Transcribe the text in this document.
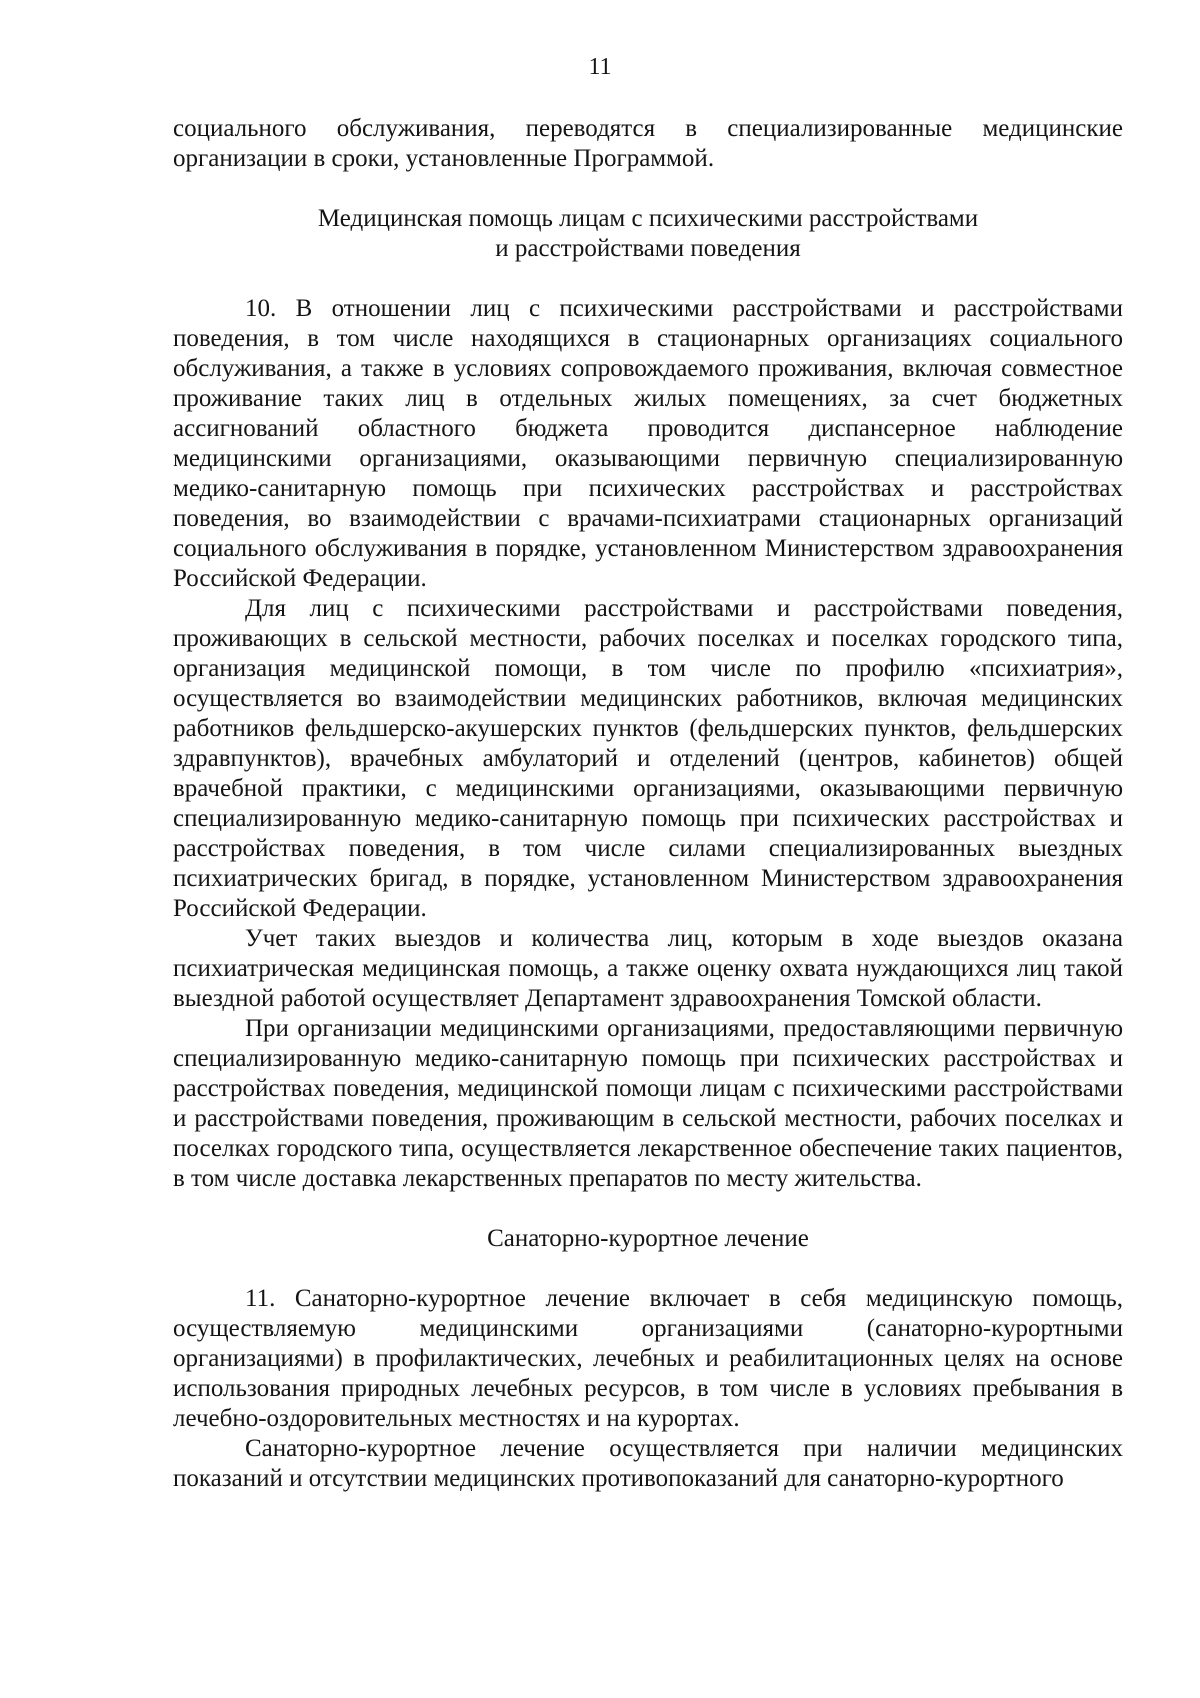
11

социального обслуживания, переводятся в специализированные медицинские организации в сроки, установленные Программой.

Медицинская помощь лицам с психическими расстройствами
и расстройствами поведения

10. В отношении лиц с психическими расстройствами и расстройствами поведения, в том числе находящихся в стационарных организациях социального обслуживания, а также в условиях сопровождаемого проживания, включая совместное проживание таких лиц в отдельных жилых помещениях, за счет бюджетных ассигнований областного бюджета проводится диспансерное наблюдение медицинскими организациями, оказывающими первичную специализированную медико-санитарную помощь при психических расстройствах и расстройствах поведения, во взаимодействии с врачами-психиатрами стационарных организаций социального обслуживания в порядке, установленном Министерством здравоохранения Российской Федерации.

Для лиц с психическими расстройствами и расстройствами поведения, проживающих в сельской местности, рабочих поселках и поселках городского типа, организация медицинской помощи, в том числе по профилю «психиатрия», осуществляется во взаимодействии медицинских работников, включая медицинских работников фельдшерско-акушерских пунктов (фельдшерских пунктов, фельдшерских здравпунктов), врачебных амбулаторий и отделений (центров, кабинетов) общей врачебной практики, с медицинскими организациями, оказывающими первичную специализированную медико-санитарную помощь при психических расстройствах и расстройствах поведения, в том числе силами специализированных выездных психиатрических бригад, в порядке, установленном Министерством здравоохранения Российской Федерации.

Учет таких выездов и количества лиц, которым в ходе выездов оказана психиатрическая медицинская помощь, а также оценку охвата нуждающихся лиц такой выездной работой осуществляет Департамент здравоохранения Томской области.

При организации медицинскими организациями, предоставляющими первичную специализированную медико-санитарную помощь при психических расстройствах и расстройствах поведения, медицинской помощи лицам с психическими расстройствами и расстройствами поведения, проживающим в сельской местности, рабочих поселках и поселках городского типа, осуществляется лекарственное обеспечение таких пациентов, в том числе доставка лекарственных препаратов по месту жительства.

Санаторно-курортное лечение

11. Санаторно-курортное лечение включает в себя медицинскую помощь, осуществляемую медицинскими организациями (санаторно-курортными организациями) в профилактических, лечебных и реабилитационных целях на основе использования природных лечебных ресурсов, в том числе в условиях пребывания в лечебно-оздоровительных местностях и на курортах.

Санаторно-курортное лечение осуществляется при наличии медицинских показаний и отсутствии медицинских противопоказаний для санаторно-курортного
